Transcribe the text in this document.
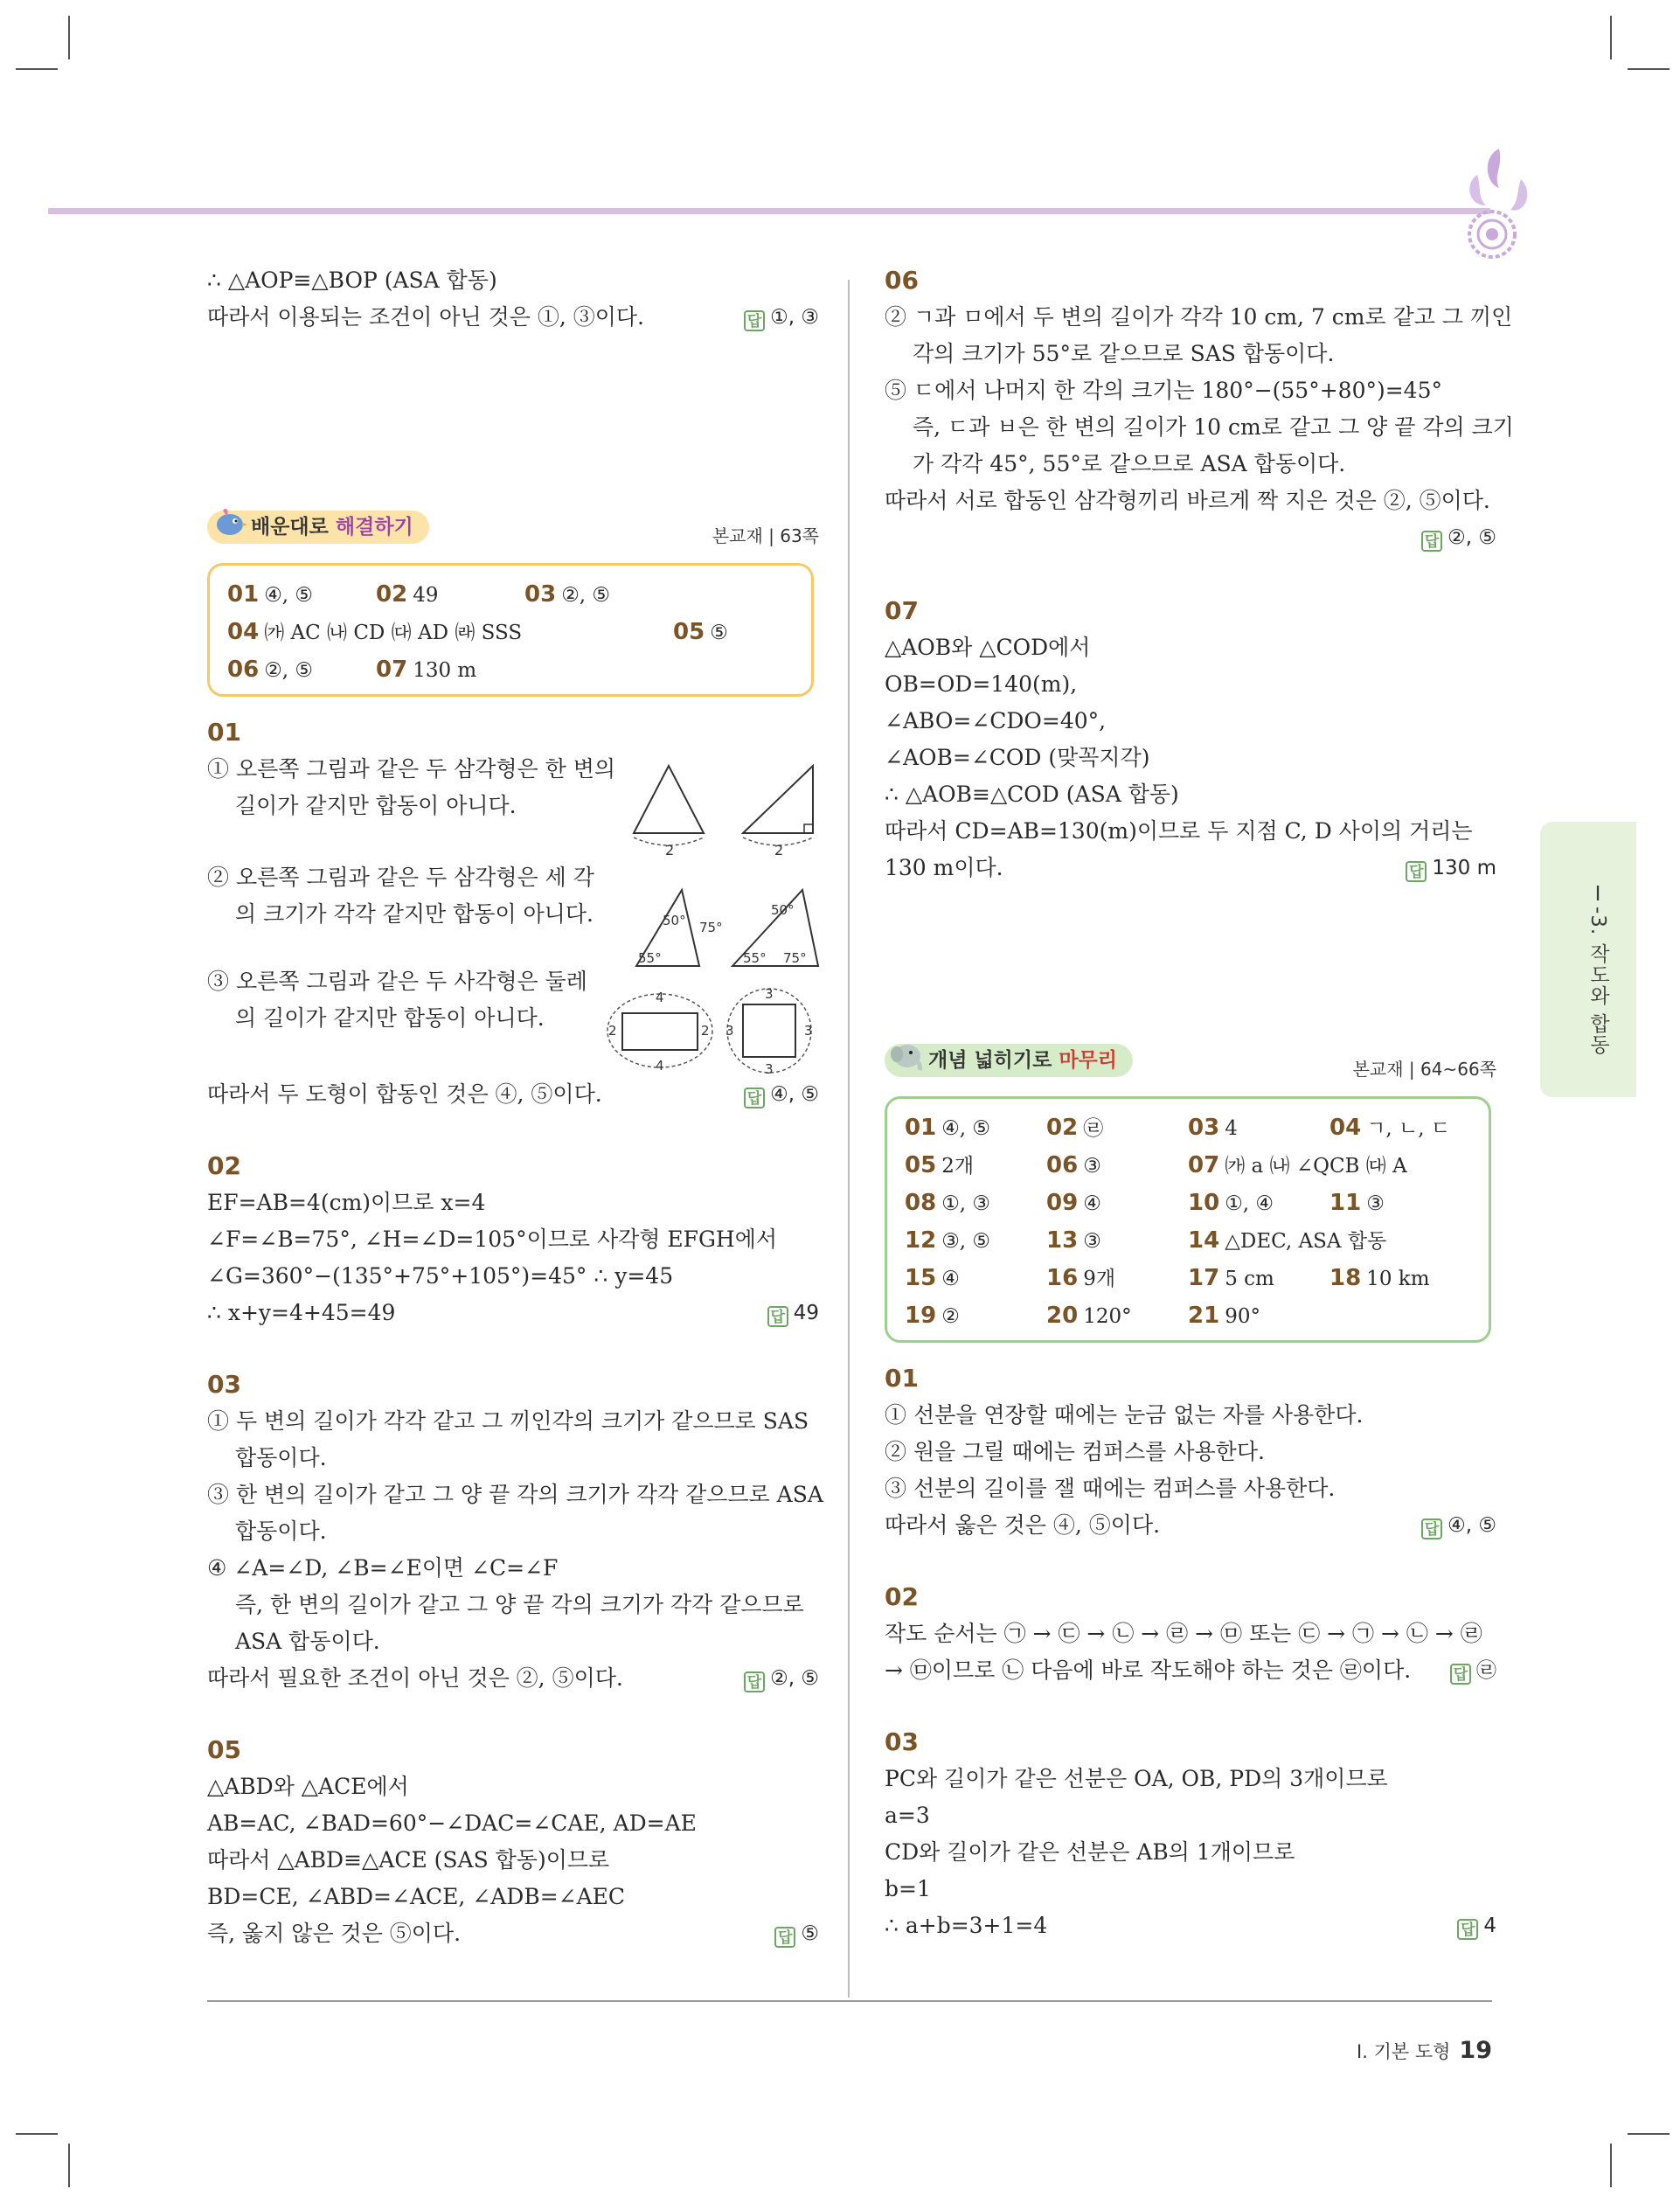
∴ △AOP≡△BOP (ASA 합동)
따라서 이용되는 조건이 아닌 것은 ①, ③이다.	답 ①, ③
배운대로 해결하기	본교재 | 63쪽
01 ④, ⑤	02 49	03 ②, ⑤
04 ㈎ AC ㈏ CD ㈐ AD ㈑ SSS	05 ⑤
06 ②, ⑤	07 130 m
01
① 오른쪽 그림과 같은 두 삼각형은 한 변의
길이가 같지만 합동이 아니다.
② 오른쪽 그림과 같은 두 삼각형은 세 각
의 크기가 각각 같지만 합동이 아니다.
③ 오른쪽 그림과 같은 두 사각형은 둘레
의 길이가 같지만 합동이 아니다.
따라서 두 도형이 합동인 것은 ④, ⑤이다.	답 ④, ⑤
02
EF=AB=4(cm)이므로 x=4
∠F=∠B=75°, ∠H=∠D=105°이므로 사각형 EFGH에서
∠G=360°−(135°+75°+105°)=45° ∴ y=45
∴ x+y=4+45=49	답 49
03
① 두 변의 길이가 각각 같고 그 끼인각의 크기가 같으므로 SAS
합동이다.
③ 한 변의 길이가 같고 그 양 끝 각의 크기가 각각 같으므로 ASA
합동이다.
④ ∠A=∠D, ∠B=∠E이면 ∠C=∠F
즉, 한 변의 길이가 같고 그 양 끝 각의 크기가 각각 같으므로
ASA 합동이다.
따라서 필요한 조건이 아닌 것은 ②, ⑤이다.	답 ②, ⑤
05
△ABD와 △ACE에서
AB=AC, ∠BAD=60°−∠DAC=∠CAE, AD=AE
따라서 △ABD≡△ACE (SAS 합동)이므로
BD=CE, ∠ABD=∠ACE, ∠ADB=∠AEC
즉, 옳지 않은 것은 ⑤이다.	답 ⑤
2	2
50°
55°
75°
50°
55° 75°
4
4
2	2
3
3
3	3
06
② ㄱ과 ㅁ에서 두 변의 길이가 각각 10 cm, 7 cm로 같고 그 끼인
각의 크기가 55°로 같으므로 SAS 합동이다.
⑤ ㄷ에서 나머지 한 각의 크기는 180°−(55°+80°)=45°
즉, ㄷ과 ㅂ은 한 변의 길이가 10 cm로 같고 그 양 끝 각의 크기
가 각각 45°, 55°로 같으므로 ASA 합동이다.
따라서 서로 합동인 삼각형끼리 바르게 짝 지은 것은 ②, ⑤이다.
답 ②, ⑤
07
△AOB와 △COD에서
OB=OD=140(m),
∠ABO=∠CDO=40°,
∠AOB=∠COD (맞꼭지각)
∴ △AOB≡△COD (ASA 합동)
따라서 CD=AB=130(m)이므로 두 지점 C, D 사이의 거리는
130 m이다.	답 130 m
개념 넓히기로 마무리	본교재 | 64~66쪽
01 ④, ⑤	02 ㉣	03 4	04 ㄱ, ㄴ, ㄷ
05 2개	06 ③	07 ㈎ a ㈏ ∠QCB ㈐ A
08 ①, ③	09 ④	10 ①, ④	11 ③
12 ③, ⑤	13 ③	14 △DEC, ASA 합동
15 ④	16 9개	17 5 cm	18 10 km
19 ②	20 120°	21 90°
01
① 선분을 연장할 때에는 눈금 없는 자를 사용한다.
② 원을 그릴 때에는 컴퍼스를 사용한다.
③ 선분의 길이를 잴 때에는 컴퍼스를 사용한다.
따라서 옳은 것은 ④, ⑤이다.	답 ④, ⑤
02
작도 순서는 ㉠ → ㉢ → ㉡ → ㉣ → ㉤ 또는 ㉢ → ㉠ → ㉡ → ㉣
→ ㉤이므로 ㉡ 다음에 바로 작도해야 하는 것은 ㉣이다.	답 ㉣
03
PC와 길이가 같은 선분은 OA, OB, PD의 3개이므로
a=3
CD와 길이가 같은 선분은 AB의 1개이므로
b=1
∴ a+b=3+1=4	답 4
Ⅰ-3. 작도와 합동
Ⅰ. 기본 도형 19
